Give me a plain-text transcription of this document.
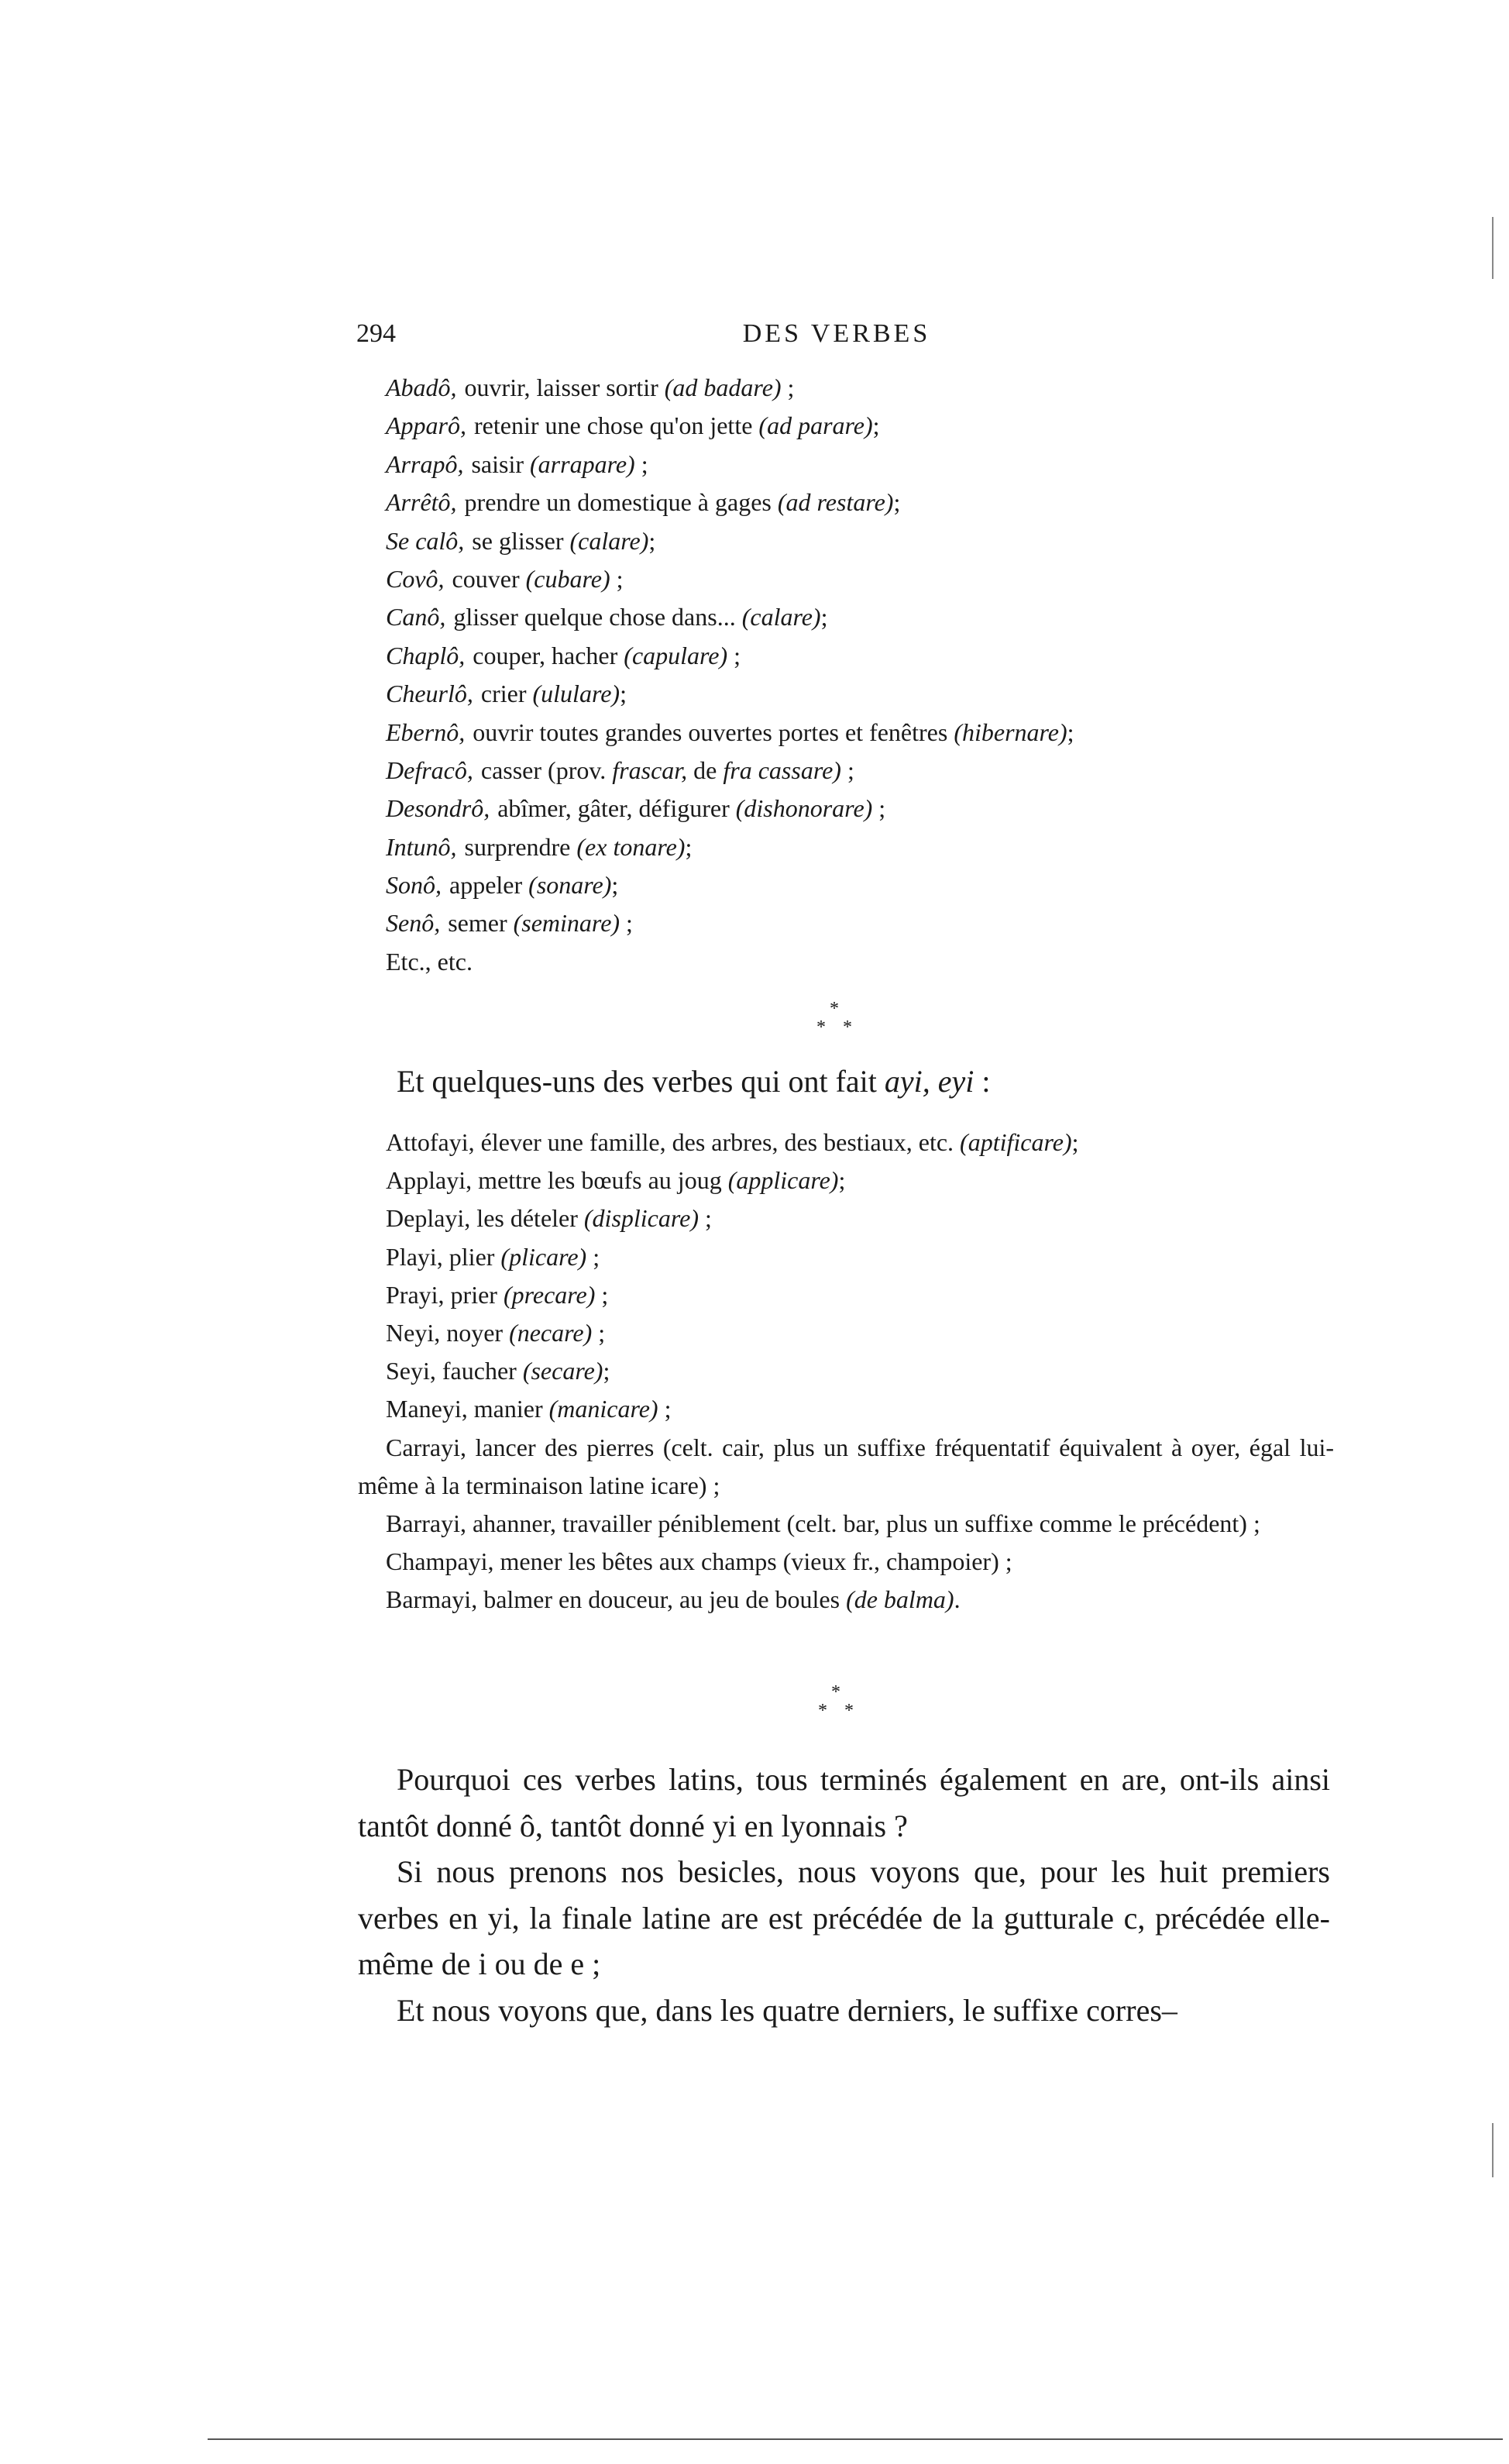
294	DES VERBES
Abadô, ouvrir, laisser sortir (ad badare) ;
Apparô, retenir une chose qu'on jette (ad parare);
Arrapô, saisir (arrapare) ;
Arrêtô, prendre un domestique à gages (ad restare);
Se calô, se glisser (calare);
Covô, couver (cubare) ;
Canô, glisser quelque chose dans... (calare);
Chaplô, couper, hacher (capulare) ;
Cheurlô, crier (ululare);
Ebernô, ouvrir toutes grandes ouvertes portes et fenêtres (hibernare);
Defracô, casser (prov. frascar, de fra cassare) ;
Desondrô, abîmer, gâter, défigurer (dishonorare) ;
Intunô, surprendre (ex tonare);
Sonô, appeler (sonare);
Senô, semer (seminare) ;
Etc., etc.
*
* *
Et quelques-uns des verbes qui ont fait ayi, eyi :
Attofayi, élever une famille, des arbres, des bestiaux, etc. (aptificare);
Applayi, mettre les bœufs au joug (applicare);
Deplayi, les dételer (displicare) ;
Playi, plier (plicare) ;
Prayi, prier (precare) ;
Neyi, noyer (necare) ;
Seyi, faucher (secare);
Maneyi, manier (manicare) ;
Carrayi, lancer des pierres (celt. cair, plus un suffixe fréquentatif équivalent à oyer, égal lui-même à la terminaison latine icare) ;
Barrayi, ahanner, travailler péniblement (celt. bar, plus un suffixe comme le précédent) ;
Champayi, mener les bêtes aux champs (vieux fr., champoier) ;
Barmayi, balmer en douceur, au jeu de boules (de balma).
*
* *

Pourquoi ces verbes latins, tous terminés également en are, ont-ils ainsi tantôt donné ô, tantôt donné yi en lyonnais ?

Si nous prenons nos besicles, nous voyons que, pour les huit premiers verbes en yi, la finale latine are est précédée de la gutturale c, précédée elle-même de i ou de e ;

Et nous voyons que, dans les quatre derniers, le suffixe corres–
